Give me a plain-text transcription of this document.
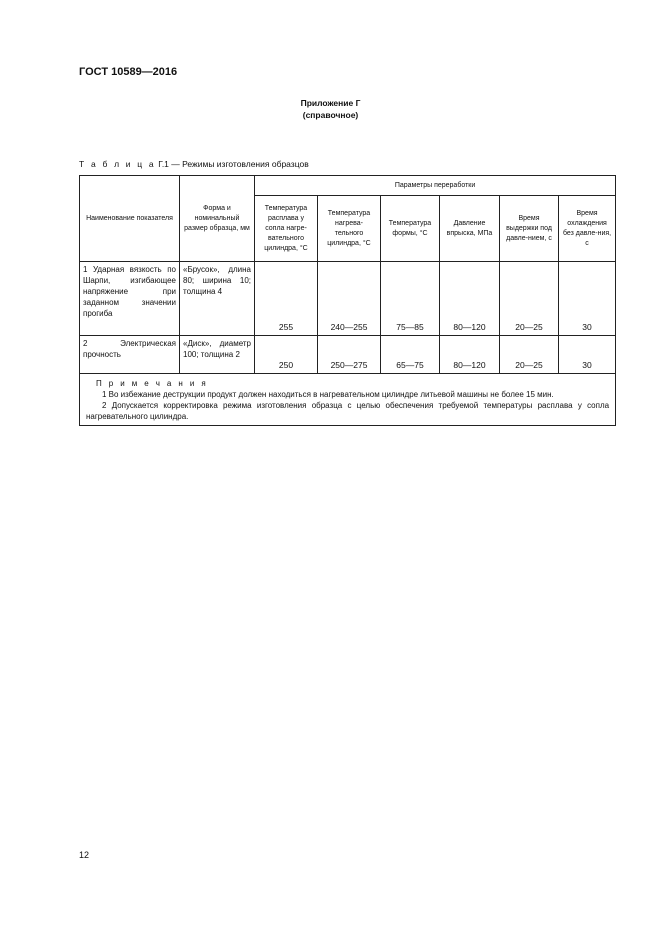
ГОСТ 10589—2016
Приложение Г
(справочное)
Т а б л и ц а Г.1 — Режимы изготовления образцов
Наименование показателя	Форма и номинальный размер образца, мм	Параметры переработки					
		Температура расплава у сопла нагре-вательного цилиндра, °С	Температура нагрева-тельного цилиндра, °С	Температура формы, °С	Давление впрыска, МПа	Время выдержки под давле-нием, с	Время охлаждения без давле-ния, с
1 Ударная вязкость по Шарпи, изгибающее напряжение при заданном значении прогиба	«Брусок», длина 80; ширина 10; толщина 4	255	240—255	75—85	80—120	20—25	30
2 Электрическая прочность	«Диск», диаметр 100; толщина 2	250	250—275	65—75	80—120	20—25	30

П р и м е ч а н и я
1 Во избежание деструкции продукт должен находиться в нагревательном цилиндре литьевой машины не более 15 мин.
2 Допускается корректировка режима изготовления образца с целью обеспечения требуемой температуры расплава у сопла нагревательного цилиндра.							
12
